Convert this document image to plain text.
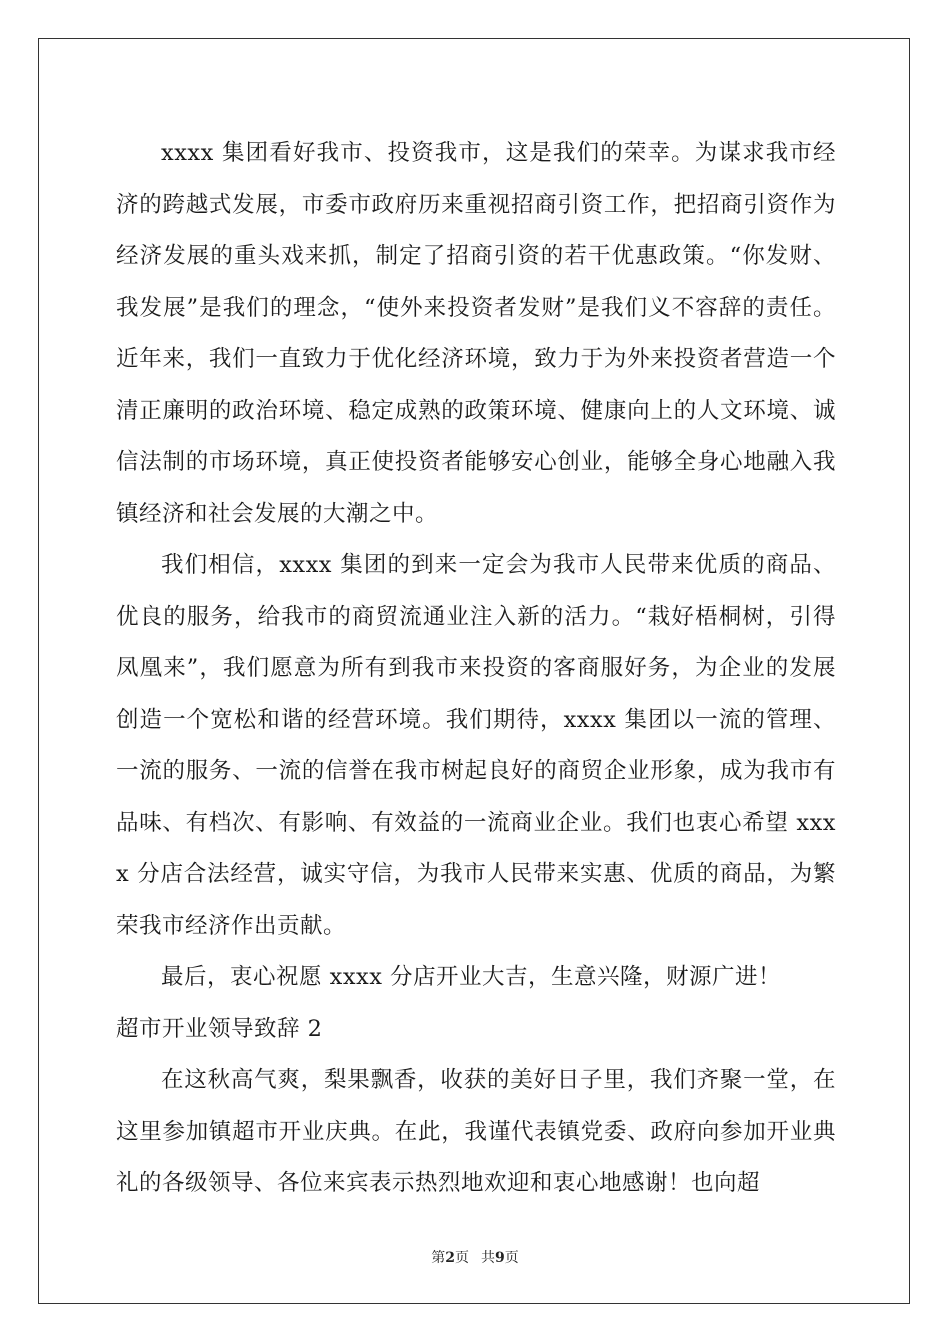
xxxx 集团看好我市、投资我市，这是我们的荣幸。为谋求我市经济的跨越式发展，市委市政府历来重视招商引资工作，把招商引资作为经济发展的重头戏来抓，制定了招商引资的若干优惠政策。“你发财、我发展”是我们的理念，“使外来投资者发财”是我们义不容辞的责任。近年来，我们一直致力于优化经济环境，致力于为外来投资者营造一个清正廉明的政治环境、稳定成熟的政策环境、健康向上的人文环境、诚信法制的市场环境，真正使投资者能够安心创业，能够全身心地融入我镇经济和社会发展的大潮之中。

我们相信，xxxx 集团的到来一定会为我市人民带来优质的商品、优良的服务，给我市的商贸流通业注入新的活力。“栽好梧桐树，引得凤凰来”，我们愿意为所有到我市来投资的客商服好务，为企业的发展创造一个宽松和谐的经营环境。我们期待，xxxx 集团以一流的管理、一流的服务、一流的信誉在我市树起良好的商贸企业形象，成为我市有品味、有档次、有影响、有效益的一流商业企业。我们也衷心希望 xxxx 分店合法经营，诚实守信，为我市人民带来实惠、优质的商品，为繁荣我市经济作出贡献。

最后，衷心祝愿 xxxx 分店开业大吉，生意兴隆，财源广进！

超市开业领导致辞 2

在这秋高气爽，梨果飘香，收获的美好日子里，我们齐聚一堂，在这里参加镇超市开业庆典。在此，我谨代表镇党委、政府向参加开业典礼的各级领导、各位来宾表示热烈地欢迎和衷心地感谢！也向超

第2页 共9页
